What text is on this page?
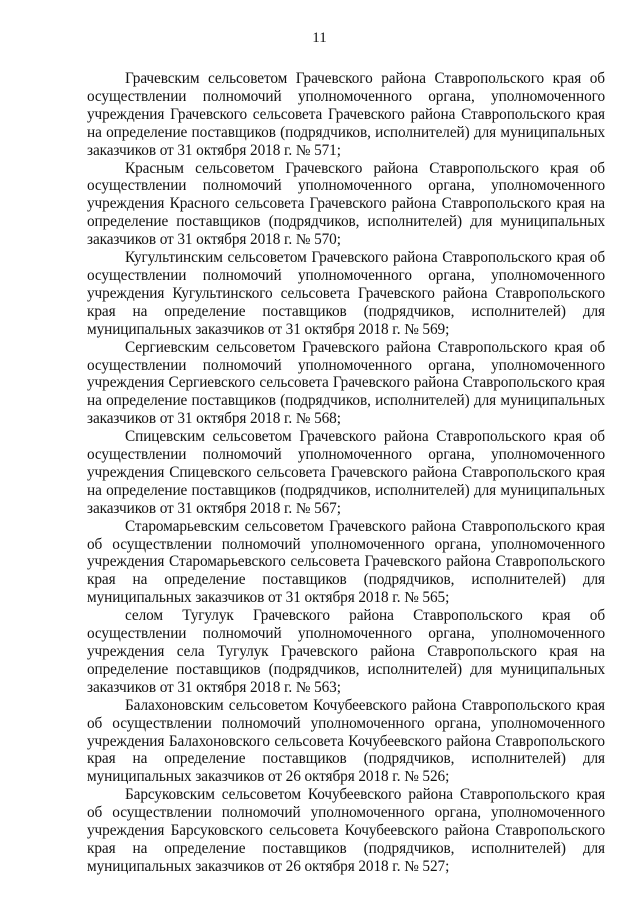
11

Грачевским сельсоветом Грачевского района Ставропольского края об осуществлении полномочий уполномоченного органа, уполномоченного учреждения Грачевского сельсовета Грачевского района Ставропольского края на определение поставщиков (подрядчиков, исполнителей) для муниципальных заказчиков от 31 октября 2018 г. № 571;

Красным сельсоветом Грачевского района Ставропольского края об осуществлении полномочий уполномоченного органа, уполномоченного учреждения Красного сельсовета Грачевского района Ставропольского края на определение поставщиков (подрядчиков, исполнителей) для муниципальных заказчиков от 31 октября 2018 г. № 570;

Кугультинским сельсоветом Грачевского района Ставропольского края об осуществлении полномочий уполномоченного органа, уполномоченного учреждения Кугультинского сельсовета Грачевского района Ставропольского края на определение поставщиков (подрядчиков, исполнителей) для муниципальных заказчиков от 31 октября 2018 г. № 569;

Сергиевским сельсоветом Грачевского района Ставропольского края об осуществлении полномочий уполномоченного органа, уполномоченного учреждения Сергиевского сельсовета Грачевского района Ставропольского края на определение поставщиков (подрядчиков, исполнителей) для муниципальных заказчиков от 31 октября 2018 г. № 568;

Спицевским сельсоветом Грачевского района Ставропольского края об осуществлении полномочий уполномоченного органа, уполномоченного учреждения Спицевского сельсовета Грачевского района Ставропольского края на определение поставщиков (подрядчиков, исполнителей) для муниципальных заказчиков от 31 октября 2018 г. № 567;

Старомарьевским сельсоветом Грачевского района Ставропольского края об осуществлении полномочий уполномоченного органа, уполномоченного учреждения Старомарьевского сельсовета Грачевского района Ставропольского края на определение поставщиков (подрядчиков, исполнителей) для муниципальных заказчиков от 31 октября 2018 г. № 565;

селом Тугулук Грачевского района Ставропольского края об осуществлении полномочий уполномоченного органа, уполномоченного учреждения села Тугулук Грачевского района Ставропольского края на определение поставщиков (подрядчиков, исполнителей) для муниципальных заказчиков от 31 октября 2018 г. № 563;

Балахоновским сельсоветом Кочубеевского района Ставропольского края об осуществлении полномочий уполномоченного органа, уполномоченного учреждения Балахоновского сельсовета Кочубеевского района Ставропольского края на определение поставщиков (подрядчиков, исполнителей) для муниципальных заказчиков от 26 октября 2018 г. № 526;

Барсуковским сельсоветом Кочубеевского района Ставропольского края об осуществлении полномочий уполномоченного органа, уполномоченного учреждения Барсуковского сельсовета Кочубеевского района Ставропольского края на определение поставщиков (подрядчиков, исполнителей) для муниципальных заказчиков от 26 октября 2018 г. № 527;
